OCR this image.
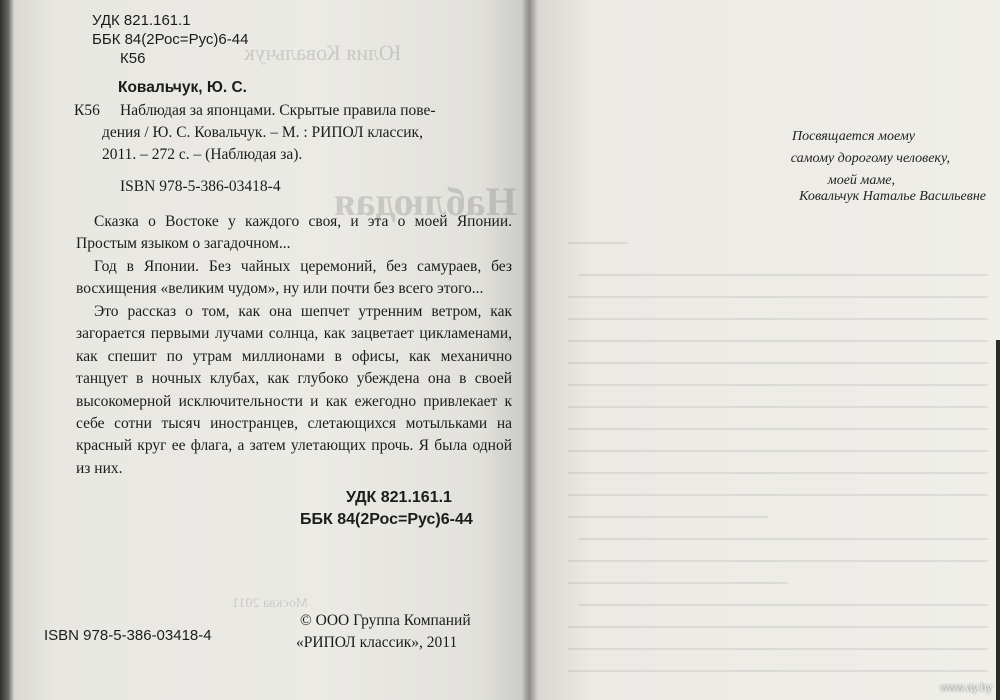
Юлия Ковальчук
Наблюдая
Москва 2011
УДК 821.161.1
ББК 84(2Рос=Рус)6-44
К56
Ковальчук, Ю. С.
К56 Наблюдая за японцами. Скрытые правила пове-
дения / Ю. С. Ковальчук. – М. : РИПОЛ классик,
2011. – 272 с. – (Наблюдая за).
ISBN 978-5-386-03418-4
Сказка о Востоке у каждого своя, и эта о моей Японии. Простым языком о загадочном...
Год в Японии. Без чайных церемоний, без самураев, без восхищения «великим чудом», ну или почти без всего этого...
Это рассказ о том, как она шепчет утренним ветром, как загорается первыми лучами солнца, как зацветает цикламенами, как спешит по утрам миллионами в офисы, как механично танцует в ночных клубах, как глубоко убеждена она в своей высокомерной исключительности и как ежегодно привлекает к себе сотни тысяч иностранцев, слетающихся мотыльками на красный круг ее флага, а затем улетающих прочь. Я была одной из них.
УДК 821.161.1
ББК 84(2Рос=Рус)6-44
ISBN 978-5-386-03418-4
© ООО Группа Компаний
«РИПОЛ классик», 2011
Посвящается моему
самому дорогому человеку,
моей маме,
Ковальчук Наталье Васильевне
www.ay.by
